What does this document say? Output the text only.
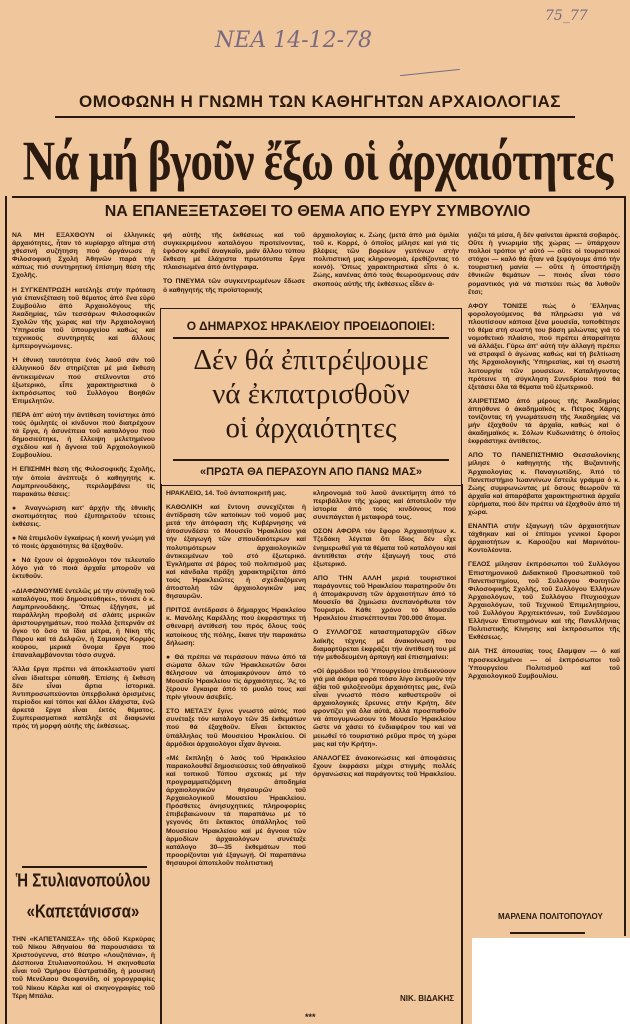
ΝΕΑ 14-12-78
75_77
ΟΜΟΦΩΝΗ Η ΓΝΩΜΗ ΤΩΝ ΚΑΘΗΓΗΤΩΝ ΑΡΧΑΙΟΛΟΓΙΑΣ
Νά μή βγοῦν ἔξω οἱ ἀρχαιότητες
ΝΑ ΕΠΑΝΕΞΕΤΑΣΘΕΙ ΤΟ ΘΕΜΑ ΑΠΟ ΕΥΡΥ ΣΥΜΒΟΥΛΙΟ

ΝΑ ΜΗ ΕΞΑΧΘΟΥΝ οἱ ἑλληνικές ἀρχαιότητες, ἦταν τό κυρίαρχο αἴτημα στή χθεσινή συζήτηση πού ὀργάνωσε ἡ Φιλοσοφική Σχολή Ἀθηνῶν παρά τήν κάπως πιό συντηρητική ἐπίσημη θέση τῆς Σχολῆς.

Η ΣΥΓΚΕΝΤΡΩΣΗ κατέληξε στήν πρόταση γιά ἐπανεξέταση τοῦ θέματος ἀπό ἕνα εὐρύ Συμβούλιο ἀπό Ἀρχαιολόγους τῆς Ἀκαδημίας, τῶν τεσσάρων Φιλοσοφικῶν Σχολῶν τῆς χώρας καί τήν Ἀρχαιολογική Ὑπηρεσία τοῦ ὑπουργείου καθώς καί τεχνικούς συντηρητές καί ἄλλους ἐμπειρογνώμονες.

Ἡ ἐθνική ταυτότητα ἑνός λαοῦ σάν τοῦ ἑλληνικοῦ δέν στηρίζεται μέ μιά ἔκθεση ἀντικειμένων πού στέλνονται στό ἐξωτερικό, εἶπε χαρακτηριστικά ὁ ἐκπρόσωπος τοῦ Συλλόγου Βοηθῶν Ἐπιμελητῶν.

ΠΕΡΑ ἀπ' αὐτή τήν ἀντίθεση τονίστηκε ἀπό τούς ὁμιλητές οἱ κίνδυνοι πού διατρέχουν τά ἔργα, ἡ ἀσυνέπεια τοῦ καταλόγου πού δημοσιεύτηκε, ἡ ἔλλειψη μελετημένου σχεδίου καί ἡ ἄγνοια τοῦ Ἀρχαιολογικοῦ Συμβουλίου.

Η ΕΠΙΣΗΜΗ θέση τῆς Φιλοσοφικῆς Σχολῆς, τήν ὁποία ἀνέπτυξε ὁ καθηγητής κ. Λαμπρινουδάκης, περιλαμβάνει τίς παρακάτω θέσεις:

● Ἀναγνώριση κατ' ἀρχήν τῆς ἐθνικῆς σκοπιμότητας πού ἐξυπηρετοῦν τέτοιες ἐκθέσεις.

● Νά ἐπιμελοῦν ἐγκαίρως ἡ κοινή γνώμη γιά τό ποιές ἀρχαιότητες θά ἐξαχθοῦν.

● Νά ἔχουν οἱ ἀρχαιολόγοι τόν τελευταῖο λόγο γιά τό ποιά ἀρχαῖα μποροῦν νά ἐκτεθοῦν.

«ΔΙΑΦΩΝΟΥΜΕ ἐντελῶς μέ τήν σύνταξη τοῦ καταλόγου, πού δημοσιεύθηκε», τόνισε ὁ κ. Λαμπρινουδάκης. Ὅπως ἐξήγησε, μέ παράλληλη προβολή σέ σλάιτς μερικῶν ἀριστουργημάτων, πού πολλά ξεπερνᾶν σέ ὄγκο τό ὅσο τά ἴδια μέτρα, ἡ Νίκη τῆς Πάρου καί τά Δελφῶν, ἡ Σαμιακός Κορμός κούρου, μερικά ὄνομα ἔργα πού ἐπαναλαμβάνονται τόσο συχνά.

Ἄλλα ἔργα πρέπει νά ἀποκλειστοῦν γιατί εἶναι ἰδιαίτερα εὐπαθῆ. Ἐπίσης ἡ ἔκθεση δέν εἶναι ἄρτια ἱστορικά. Ἀντιπροσωπεύονται ὑπερβολικά ὁρισμένες περίοδοι καί τόποι καί ἄλλοι ἐλάχιστα, ἐνῶ ἀρκετά ἔργα εἶναι ἐκτός θέματος. Συμπερασματικά κατέληξε σέ διαφωνία πρός τή μορφή αὐτῆς τῆς ἐκθέσεως.

φή αὐτῆς τῆς ἐκθέσεως καί τοῦ συγκεκριμένου καταλόγου προτείνοντας, ἐφόσον κριθεῖ ἀναγκαῖο, μιάν ἄλλου τύπου ἔκθεση μέ ἐλάχιστα πρωτότυπα ἔργα πλαισιωμένα ἀπό ἀντίγραφα.

ΤΟ ΠΝΕΥΜΑ τῶν συγκεντρωμένων ἔδωσε ὁ καθηγητής τῆς προϊστορικής

ἀρχαιολογίας κ. Ζώης (μετά ἀπό μιά ὁμιλία τοῦ κ. Κορρέ, ὁ ὁποῖος μίλησε καί γιά τίς βλέψεις τῶν βορείων γειτόνων στήν πολιτιστική μας κληρονομιά, ἐρεθίζοντας τό κοινό). Ὅπως χαρακτηριστικά εἶπε ὁ κ. Ζώης, κανένας ἀπό τούς θεωρούμενους σάν σκοπούς αὐτῆς τῆς ἐκθέσεως εἶδεν ἀ-

γιάζει τά μέσα, ἤ δέν φαίνεται ἀρκετά σοβαρός. Οὔτε ἡ γνωριμία τῆς χώρας — ὑπάρχουν πολλοί τρόποι γι' αὐτό — οὔτε οἱ τουριστικοί στόχοι — καλό θά ἦταν νά ξεφύγουμε ἀπό τήν τουριστική μανία — οὔτε ἡ ὑποστήριξη ἐθνικῶν θεμάτων — ποιός εἶναι τόσο ρομαντικός γιά νά πιστεύει πώς θά λυθοῦν ἔτσι;

ΑΦΟΥ ΤΟΝΙΣΕ πώς ὁ Ἕλληνας φορολογούμενος θά πληρώσει γιά νά πλουτίσουν κάποια ξένα μουσεῖα, τοποθέτησε τό θέμα στή σωστή του βάση μιλώντας γιά τό νομοθετικό πλαίσιο, πού πρέπει ἀπαραίτητα νά ἀλλάξει. Γύρω ἀπ' αὐτή τήν ἀλλαγή πρέπει νά στραφεῖ ὁ ἀγώνας καθώς καί τή βελτίωση τῆς Ἀρχαιολογικῆς Ὑπηρεσίας, καί τή σωστή λειτουργία τῶν μουσείων. Καταλήγοντας πρότεινε τή σύγκληση Συνεδρίου πού θά ἐξετάσει ὅλα τά θέματα τοῦ ἐξωτερικοῦ.

ΧΑΙΡΕΤΙΣΜΟ ἀπό μέρους τῆς Ἀκαδημίας ἀπηύθυνε ὁ ἀκαδημαϊκός κ. Πέτρος Χάρης τονίζοντας τή γνωμάτευση τῆς Ἀκαδημίας νά μήν ἐξαχθοῦν τά ἀρχαῖα, καθώς καί ὁ ἀκαδημαϊκός κ. Σόλων Κυδωνιάτης ὁ ὁποῖος ἐκφράστηκε ἀντίθετος.

ΑΠΟ ΤΟ ΠΑΝΕΠΙΣΤΗΜΙΟ Θεσσαλονίκης μίλησε ὁ καθηγητής τῆς Βυζαντινῆς Ἀρχαιολογίας κ. Παναγιωτίδης. Ἀπό τό Πανεπιστήμιο Ἰωαννίνων ἔστειλε γράμμα ὁ κ. Ζώης συμφωνώντας μέ ὅσους θεωροῦν τά ἀρχαῖα καί ἀπαράβατα χαρακτηριστικά ἀρχαῖα εὑρήματα, πού δέν πρέπει νά ἐξαχθοῦν ἀπό τή χώρα.

ΕΝΑΝΤΙΑ στήν ἐξαγωγή τῶν ἀρχαιοτήτων τάχθηκαν καί οἱ ἐπίτιμοι γενικοί ἔφοροι ἀρχαιοτήτων κ. Καρούζου καί Μαρινάτου-Κοντολέοντα.

ΓΕΛΟΣ μίλησαν ἐκπρόσωποι τοῦ Συλλόγου Ἐπιστημονικοῦ Διδακτικοῦ Προσωπικοῦ τοῦ Πανεπιστημίου, τοῦ Συλλόγου Φοιτητῶν Φιλοσοφικῆς Σχολῆς, τοῦ Συλλόγου Ἑλλήνων Ἀρχαιολόγων, τοῦ Συλλόγου Πτυχιούχων Ἀρχαιολόγων, τοῦ Τεχνικοῦ Ἐπιμελητηρίου, τοῦ Συλλόγου Ἀρχιτεκτόνων, τοῦ Συνδέσμου Ἑλλήνων Ἐπιστημόνων καί τῆς Πανελλήνιας Πολιτιστικῆς Κίνησης καί ἐκπρόσωποι τῆς Ἐκθέσεως.

ΔΙΑ ΤΗΣ ἀπουσίας τους ἔλαμψαν — ὁ καί προσκεκλημένοι — οἱ ἐκπρόσωποι τοῦ Ὑπουργείου Πολιτισμοῦ καί τοῦ Ἀρχαιολογικοῦ Συμβουλίου.

ΜΑΡΛΕΝΑ ΠΟΛΙΤΟΠΟΥΛΟΥ
Ο ΔΗΜΑΡΧΟΣ ΗΡΑΚΛΕΙΟΥ ΠΡΟΕΙΔΟΠΟΙΕΙ:
Δέν θά ἐπιτρέψουμε
νά ἐκπατρισθοῦν
οἱ ἀρχαιότητες
«ΠΡΩΤΑ ΘΑ ΠΕΡΑΣΟΥΝ ΑΠΟ ΠΑΝΩ ΜΑΣ»

ΗΡΑΚΛΕΙΟ, 14. Τοῦ ἀνταποκριτῆ μας.

ΚΑΘΟΛΙΚΗ καί ἔντονη συνεχίζεται ἡ ἀντίδραση τῶν κατοίκων τοῦ νομοῦ μας μετά τήν ἀπόφαση τῆς Κυβέρνησης νά ἀποσυνδέσει τό Μουσεῖο Ἡρακλείου γιά τήν ἐξαγωγή τῶν σπουδαιότερων καί πολυτιμότερων ἀρχαιολογικῶν ἀντικειμένων τοῦ στό ἐξωτερικό. Ἐγκλήματα σέ βάρος τοῦ πολιτισμοῦ μας καί κάνδαλα πρᾶξη χαρακτηρίζεται ἀπό τούς Ἡρακλειῶτες ἡ σχεδιαζόμενη ἀποστολή τῶν ἀρχαιολογικῶν μας θησαυρῶν.

ΠΡΙΤΟΣ ἀντέδρασε ὁ δήμαρχος Ἡρακλείου κ. Μανόλης Καρέλλης πού ἐκφράστηκε τή σθεναρή ἀντίθεσή του πρός ὅλους τούς κατοίκους τῆς πόλης, ἔκανε τήν παρακάτω δήλωση:

● Θά πρέπει νά περάσουν πάνω ἀπό τά σώματα ὅλων τῶν Ἡρακλειωτῶν ὅσοι θέλησουν νά ἀπομακρύνουν ἀπό τό Μουσεῖο Ἡρακλείου τίς ἀρχαιότητες. Ἄς τό ξέρουν ἔγκαιρα ἀπό τό μυαλό τους καί πρίν γίνουν ἀσεβεῖς.

ΣΤΟ ΜΕΤΑΞΥ ἔγινε γνωστό αὐτός πού συνέταξε τόν κατάλογο τῶν 35 ἐκθεμάτων πού θά ἐξαχθοῦν. Εἶναι ἔκτακτος ὑπάλληλος τοῦ Μουσείου Ἡρακλείου. Οἱ ἁρμόδιοι ἀρχαιολόγοι εἶχαν ἄγνοια.

«Μέ ἔκπληξη ὁ λαός τοῦ Ἡρακλείου παρακολουθεῖ δημοσιεύσεις τοῦ ἀθηναϊκοῦ καί τοπικοῦ Τύπου σχετικές μέ τήν προγραμματιζόμενη ἀποδημία ἀρχαιολογικῶν θησαυρῶν τοῦ Ἀρχαιολογικοῦ Μουσείου Ἡρακλείου. Πρόσθετες ἀνησυχητικές πληροφορίες ἐπιβεβαιώνουν τά παραπάνω μέ τό γεγονός ὅτι ἔκτακτος ὑπάλληλος τοῦ Μουσείου Ἡρακλείου καί μέ ἄγνοια τῶν ἁρμοδίων ἀρχαιολόγων συνέταξε κατάλογο 30—35 ἐκθεμάτων πού προορίζονται γιά ἐξαγωγή. Οἱ παραπάνω θησαυροί ἀποτελοῦν πολιτιστική

κληρονομιά τοῦ λαοῦ ἀνεκτίμητη ἀπό τό περιβάλλον τῆς χώρας καί ἀποτελοῦν τήν ἱστορία ἀπό τούς κινδύνους πού συνεπάγεται ἡ μεταφορά τους.

ΟΣΟΝ ΑΦΟΡΑ τόν ἔφορο Ἀρχαιοτήτων κ. Τζεδάκη λέγεται ὅτι ἴδιος δέν εἶχε ἐνημερωθεῖ γιά τά θέματα τοῦ καταλόγου καί ἀντιτίθεται στήν ἐξαγωγή τους στό ἐξωτερικό.

ΑΠΟ ΤΗΝ ΑΛΛΗ μεριά τουριστικοί παράγοντες τοῦ Ἡρακλείου παρατηροῦν ὅτι ἡ ἀπομάκρυνση τῶν ἀρχαιοτήτων ἀπό τό Μουσεῖο θά ζημιώσει ἀνεπανόρθωτα τόν Τουρισμό. Κάθε χρόνο τό Μουσεῖο Ἡρακλείου ἐπισκέπτονται 700.000 ἄτομα.

Ο ΣΥΛΛΟΓΟΣ καταστηματαρχῶν εἴδων λαϊκῆς τέχνης μέ ἀνακοίνωσή του διαμαρτύρεται ἐκφράζει τήν ἀντίθεσή του μέ τήν μεθοδευμένη ἀρπαγή καί ἐπισημαίνει:

«Οἱ ἁρμόδιοι τοῦ Ὑπουργείου ἐπιδεικνύουν γιά μιά ἀκόμα φορά πόσο λίγο ἐκτιμοῦν τήν ἀξία τοῦ φιλοξενοῦμε ἀρχαιότητες μας, ἐνῶ εἶναι γνωστό πόσο καθυστεροῦν οἱ ἀρχαιολογικές ἔρευνες στήν Κρήτη, δέν φροντίζει γιά ὅλα αὐτά, ἀλλά προσπαθοῦν νά ἀπογυμνώσουν τό Μουσεῖο Ἡρακλείου ὥστε νά χάσει τό ἐνδιαφέρον του καί νά μειωθεῖ τό τουριστικό ρεῦμα πρός τή χώρα μας καί τήν Κρήτη».

ΑΝΑΛΟΓΕΣ ἀνακοινώσεις καί ἀποφάσεις ἔχουν ἐκφράσει μέχρι στιγμῆς πολλές ὀργανώσεις καί παράγοντες τοῦ Ἡρακλείου.

ΝΙΚ. ΒΙΔΑΚΗΣ
***
Ἡ Στυλιανοπούλου
«Καπετάνισσα»

ΤΗΝ «ΚΑΠΕΤΑΝΙΣΣΑ» τῆς ὁδοῦ Κερκύρας τοῦ Νίκου Ἀθηναίου θά παρουσιάσει τά Χριστούγεννα, στό θέατρο «Λουζιτάνια», ἡ Δέσποινα Στυλιανοπούλου. Ἡ σκηνοθεσία εἶναι τοῦ Ὁμήρου Εὐστρατιάδη, ἡ μουσική τοῦ Μενέλαου Θεοφανίδη, οἱ χορογραφίες τοῦ Νίκου Κάρλα καί οἱ σκηνογραφίες τοῦ Τέρη Μπάλα.
